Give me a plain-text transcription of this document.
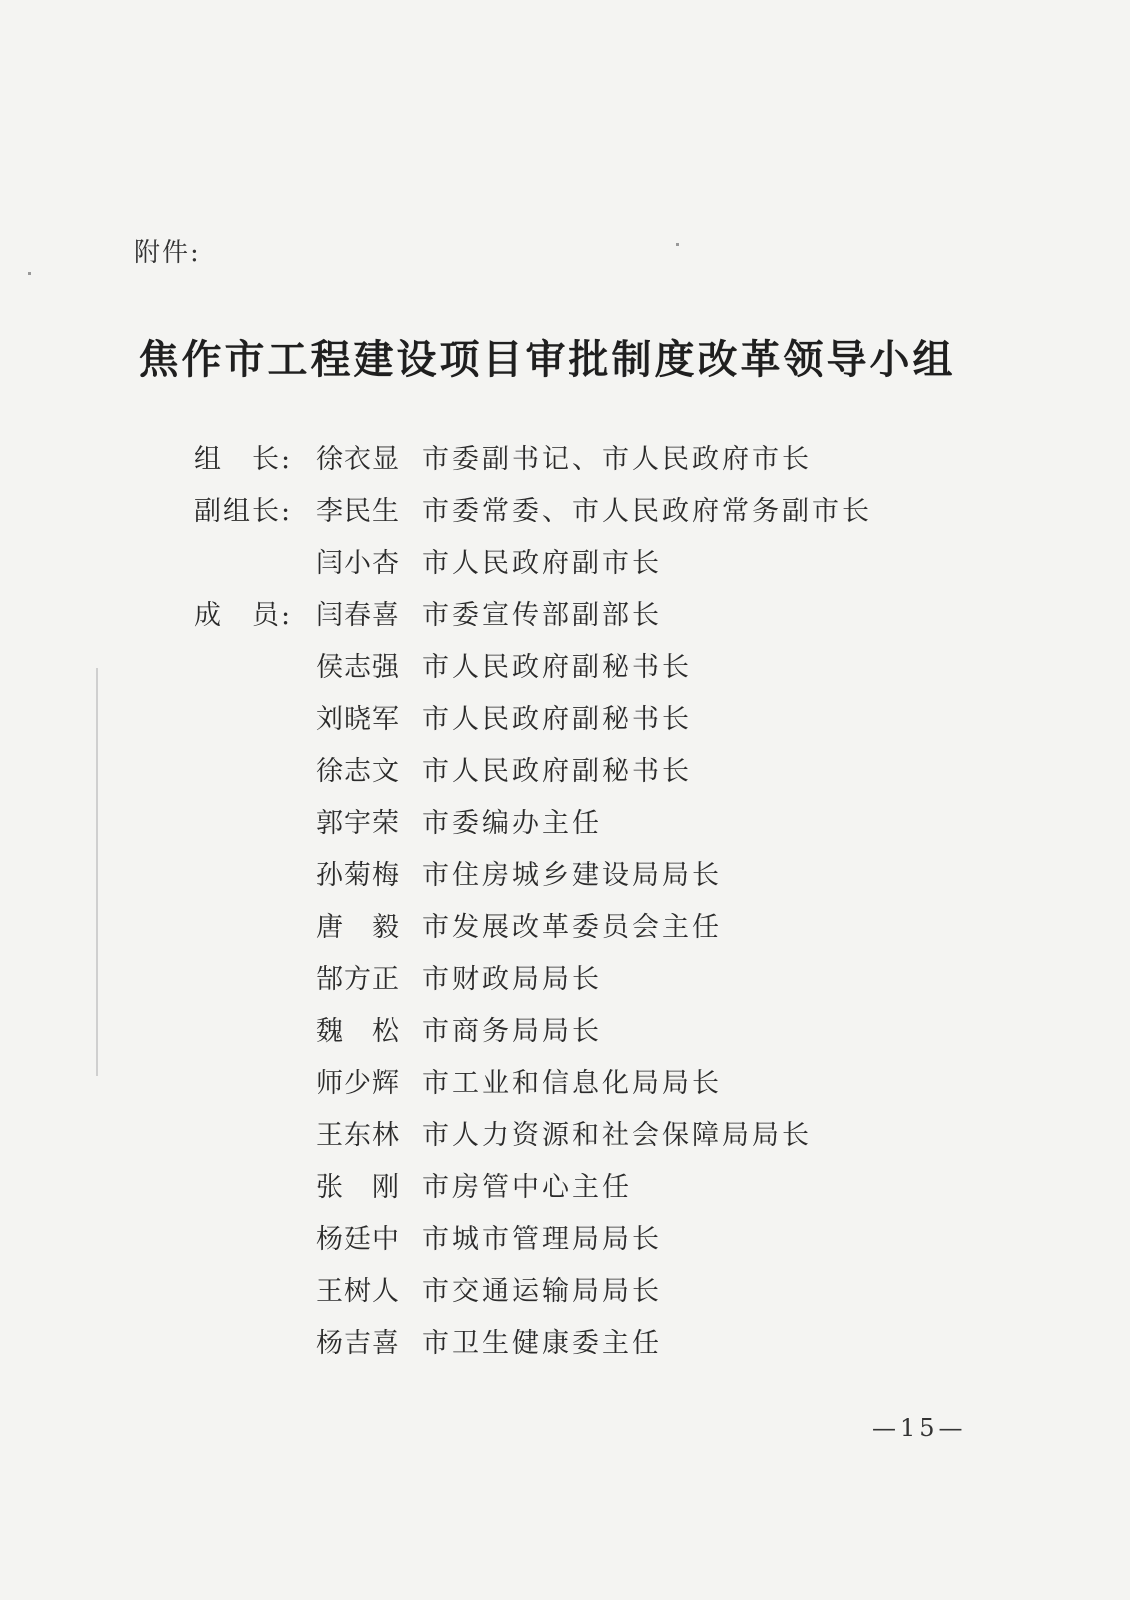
附件:
焦作市工程建设项目审批制度改革领导小组
组　长: 徐衣显 市委副书记、市人民政府市长
副组长: 李民生 市委常委、市人民政府常务副市长
闫小杏 市人民政府副市长
成　员: 闫春喜 市委宣传部副部长
侯志强 市人民政府副秘书长
刘晓军 市人民政府副秘书长
徐志文 市人民政府副秘书长
郭宇荣 市委编办主任
孙菊梅 市住房城乡建设局局长
唐　毅 市发展改革委员会主任
郜方正 市财政局局长
魏　松 市商务局局长
师少辉 市工业和信息化局局长
王东林 市人力资源和社会保障局局长
张　刚 市房管中心主任
杨廷中 市城市管理局局长
王树人 市交通运输局局长
杨吉喜 市卫生健康委主任
—15—
